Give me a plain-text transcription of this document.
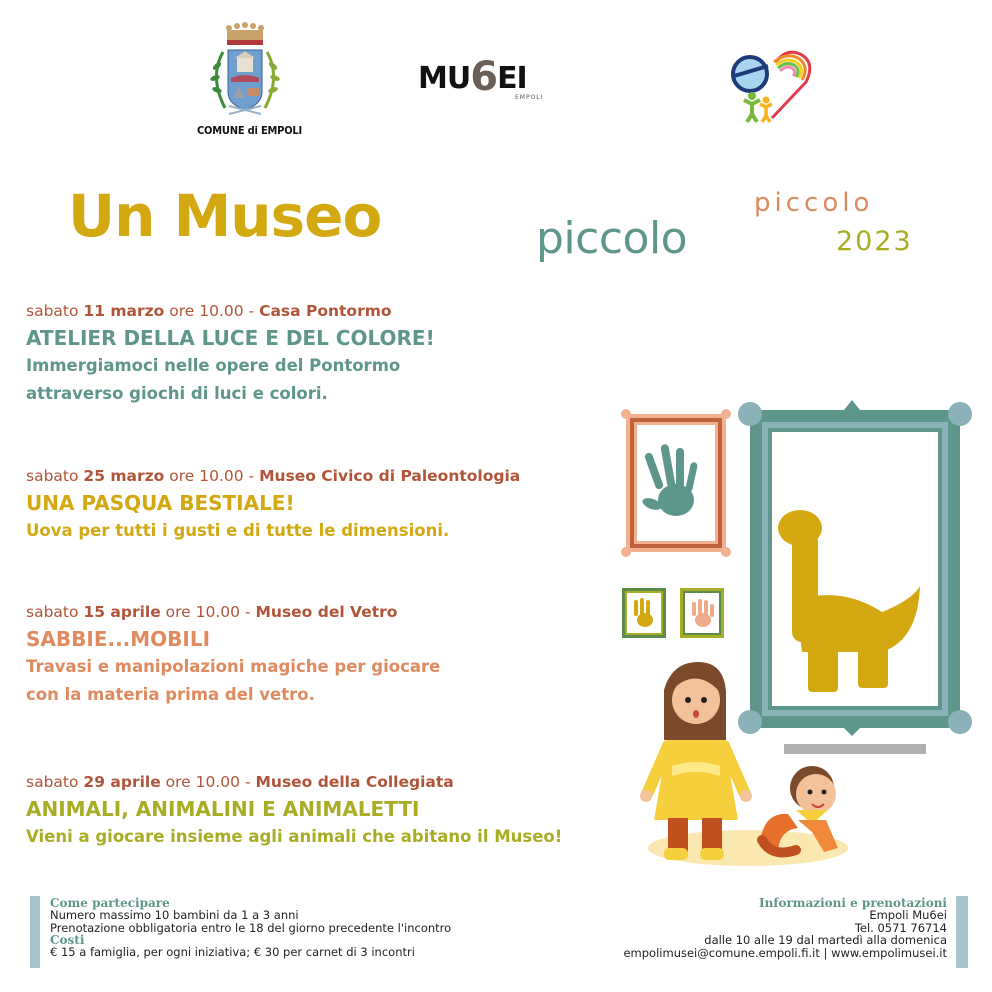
COMUNE di EMPOLI
MU6EI
EMPOLI
Un Museo	piccolo
piccolo
2023
sabato 11 marzo ore 10.00 - Casa Pontormo
ATELIER DELLA LUCE E DEL COLORE!
Immergiamoci nelle opere del Pontormo
attraverso giochi di luci e colori.
sabato 25 marzo ore 10.00 - Museo Civico di Paleontologia
UNA PASQUA BESTIALE!
Uova per tutti i gusti e di tutte le dimensioni.
sabato 15 aprile ore 10.00 - Museo del Vetro
SABBIE...MOBILI
Travasi e manipolazioni magiche per giocare
con la materia prima del vetro.
sabato 29 aprile ore 10.00 - Museo della Collegiata
ANIMALI, ANIMALINI E ANIMALETTI
Vieni a giocare insieme agli animali che abitano il Museo!
Come partecipare
Numero massimo 10 bambini da 1 a 3 anni
Prenotazione obbligatoria entro le 18 del giorno precedente l'incontro
Costi
€ 15 a famiglia, per ogni iniziativa; € 30 per carnet di 3 incontri
Informazioni e prenotazioni
Empoli Mu6ei
Tel. 0571 76714
dalle 10 alle 19 dal martedì alla domenica
empolimusei@comune.empoli.fi.it | www.empolimusei.it
